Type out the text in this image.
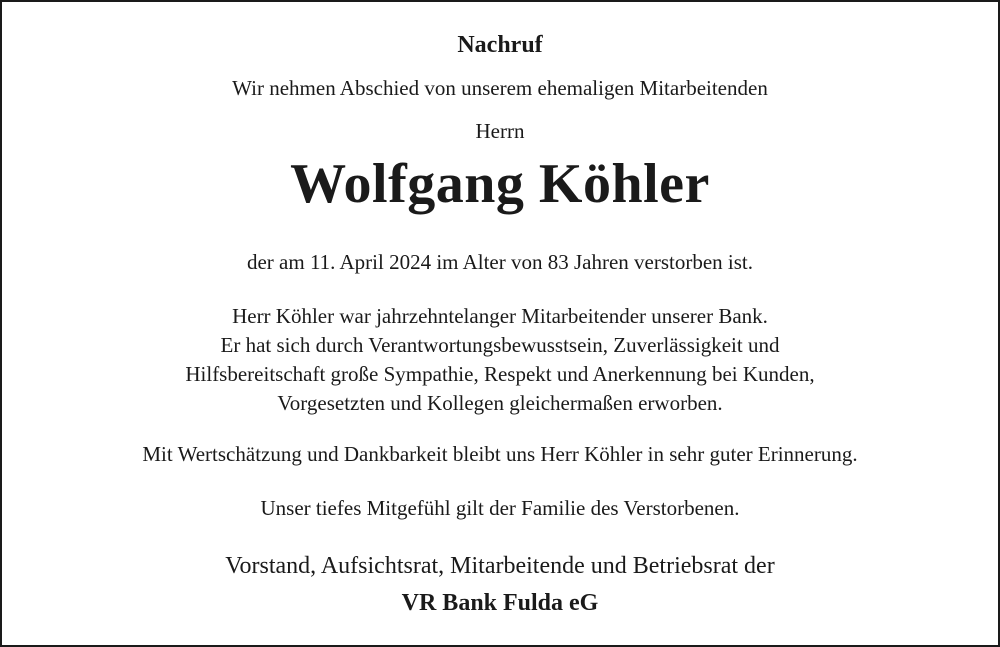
Nachruf
Wir nehmen Abschied von unserem ehemaligen Mitarbeitenden
Herrn
Wolfgang Köhler
der am 11. April 2024 im Alter von 83 Jahren verstorben ist.
Herr Köhler war jahrzehntelanger Mitarbeitender unserer Bank.
Er hat sich durch Verantwortungsbewusstsein, Zuverlässigkeit und
Hilfsbereitschaft große Sympathie, Respekt und Anerkennung bei Kunden,
Vorgesetzten und Kollegen gleichermaßen erworben.
Mit Wertschätzung und Dankbarkeit bleibt uns Herr Köhler in sehr guter Erinnerung.
Unser tiefes Mitgefühl gilt der Familie des Verstorbenen.
Vorstand, Aufsichtsrat, Mitarbeitende und Betriebsrat der
VR Bank Fulda eG
